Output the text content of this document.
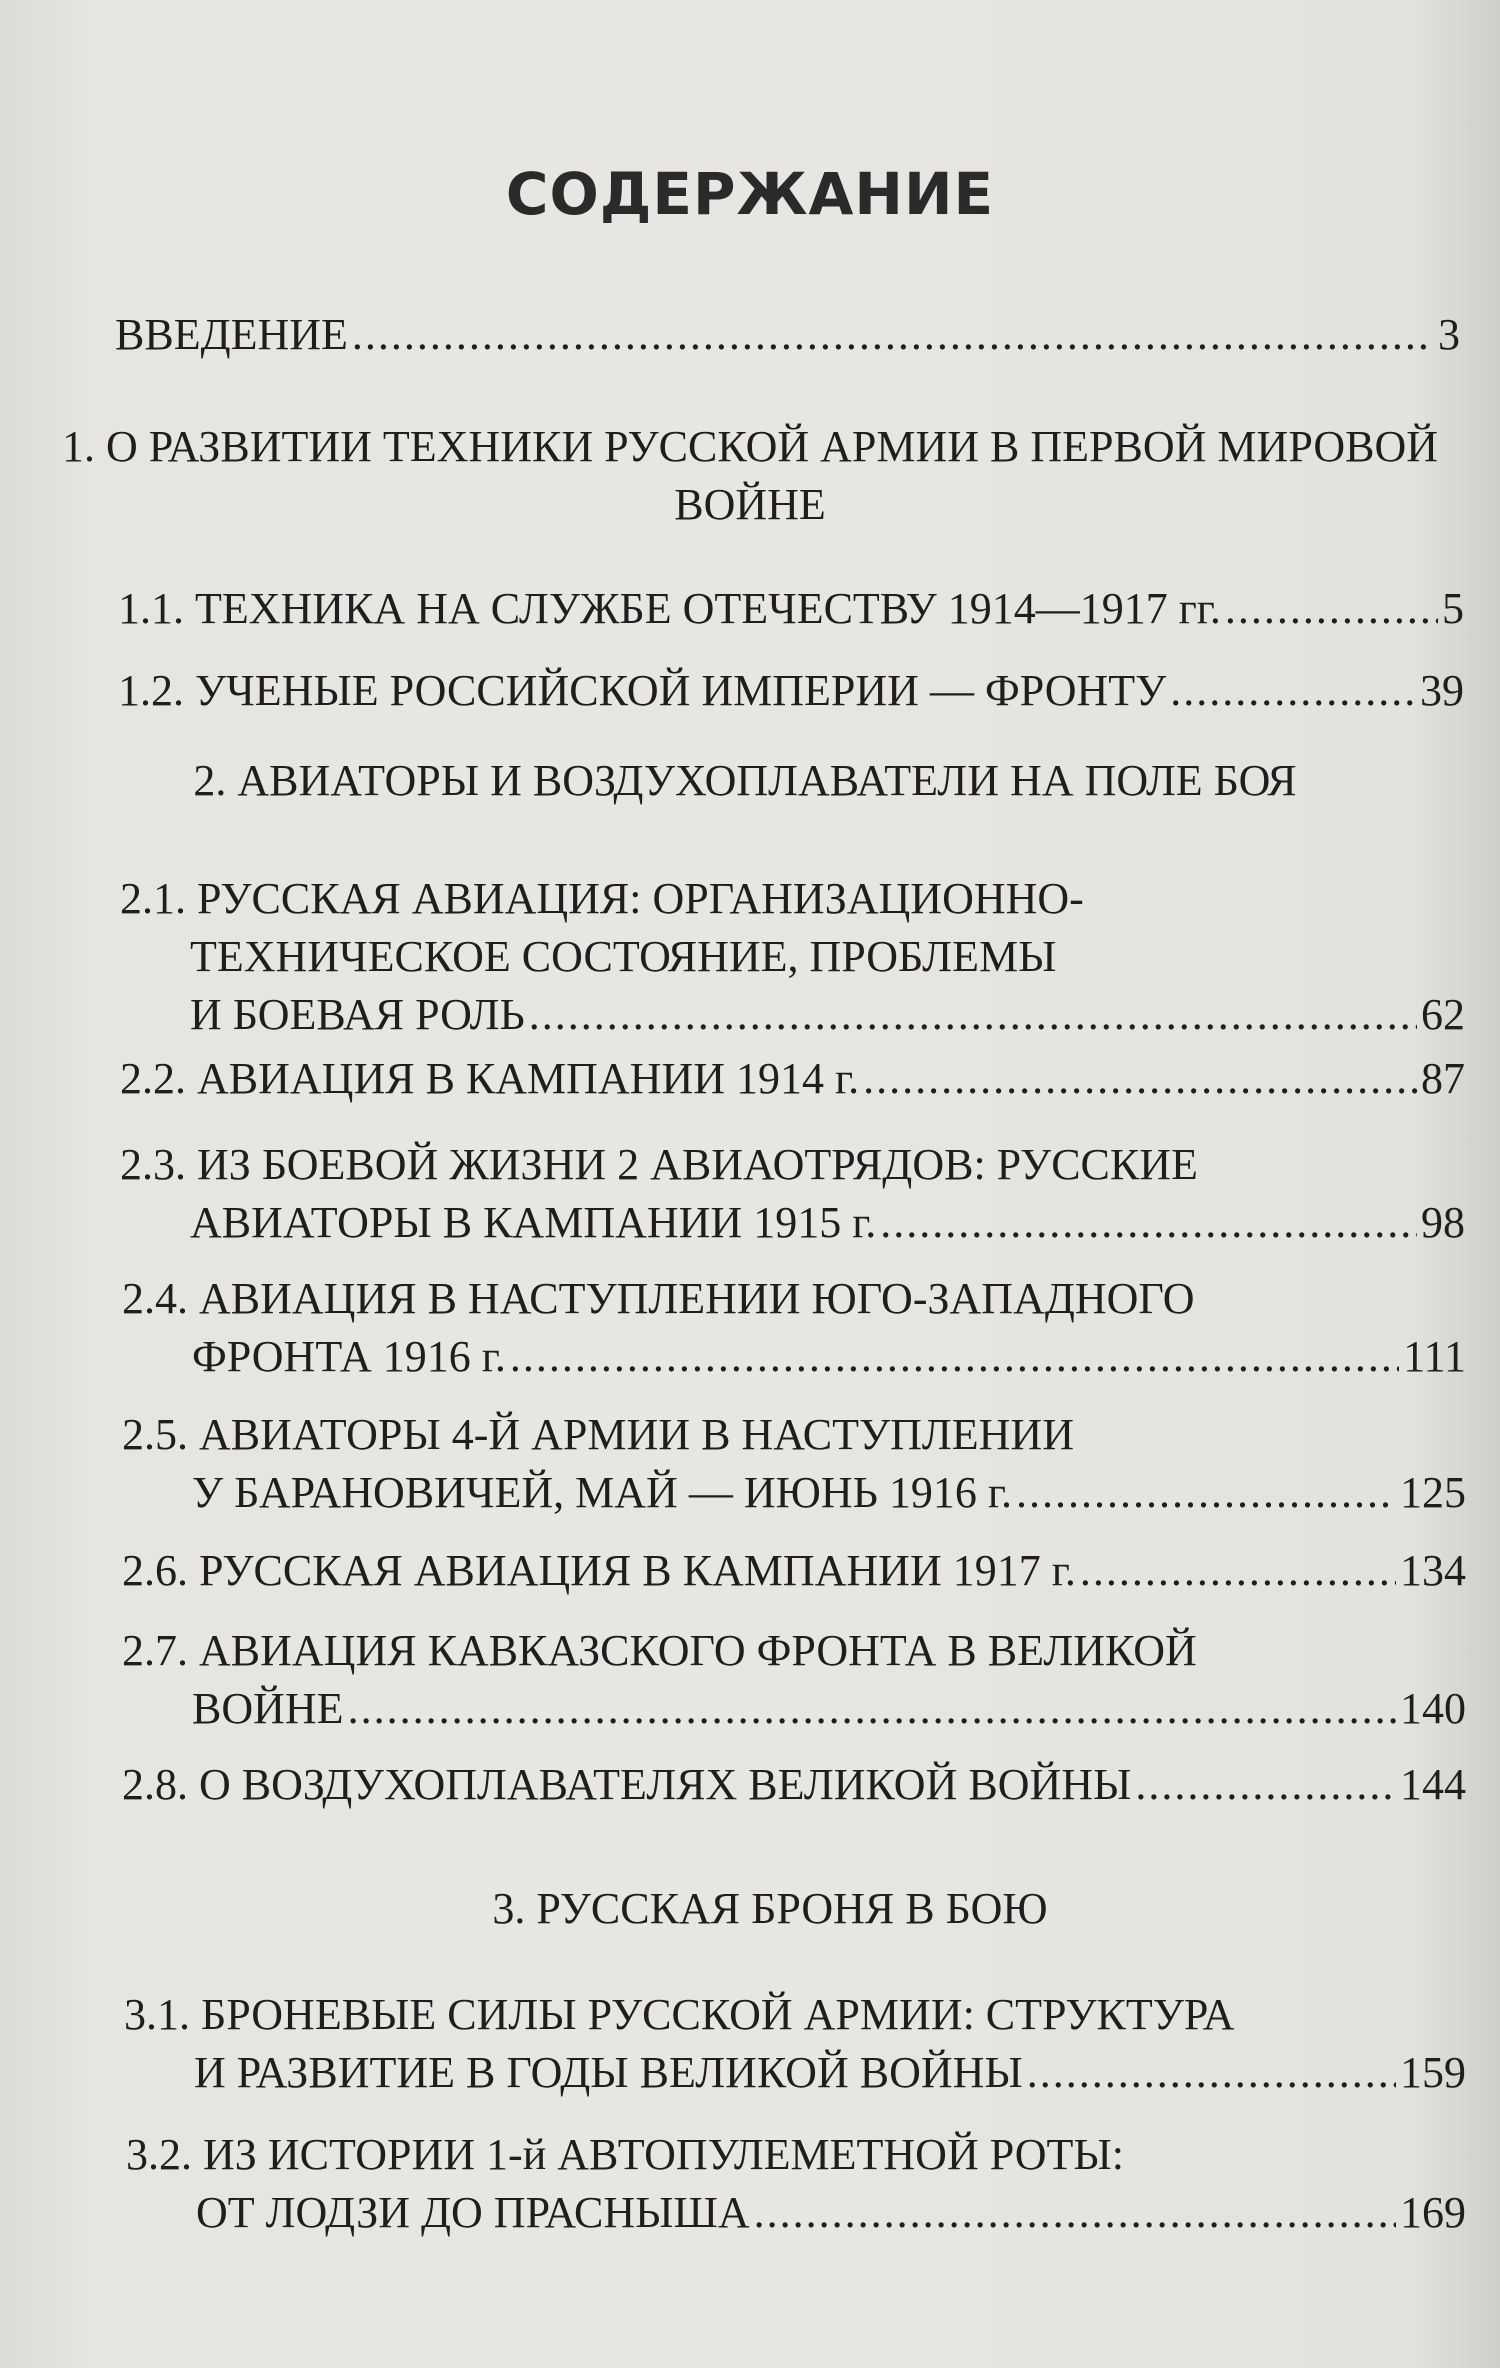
СОДЕРЖАНИЕ
ВВЕДЕНИЕ .....	3
1. О РАЗВИТИИ ТЕХНИКИ РУССКОЙ АРМИИ В ПЕРВОЙ МИРОВОЙ ВОЙНЕ
1.1. ТЕХНИКА НА СЛУЖБЕ ОТЕЧЕСТВУ 1914—1917 гг. .....	5
1.2. УЧЕНЫЕ РОССИЙСКОЙ ИМПЕРИИ — ФРОНТУ .....	39
2. АВИАТОРЫ И ВОЗДУХОПЛАВАТЕЛИ НА ПОЛЕ БОЯ
2.1. РУССКАЯ АВИАЦИЯ: ОРГАНИЗАЦИОННО-
ТЕХНИЧЕСКОЕ СОСТОЯНИЕ, ПРОБЛЕМЫ
И БОЕВАЯ РОЛЬ .....	62
2.2. АВИАЦИЯ В КАМПАНИИ 1914 г. .....	87
2.3. ИЗ БОЕВОЙ ЖИЗНИ 2 АВИАОТРЯДОВ: РУССКИЕ
АВИАТОРЫ В КАМПАНИИ 1915 г. .....	98
2.4. АВИАЦИЯ В НАСТУПЛЕНИИ ЮГО-ЗАПАДНОГО
ФРОНТА 1916 г. .....	111
2.5. АВИАТОРЫ 4-Й АРМИИ В НАСТУПЛЕНИИ
У БАРАНОВИЧЕЙ, МАЙ — ИЮНЬ 1916 г. .....	125
2.6. РУССКАЯ АВИАЦИЯ В КАМПАНИИ 1917 г. .....	134
2.7. АВИАЦИЯ КАВКАЗСКОГО ФРОНТА В ВЕЛИКОЙ
ВОЙНЕ .....	140
2.8. О ВОЗДУХОПЛАВАТЕЛЯХ ВЕЛИКОЙ ВОЙНЫ .....	144
3. РУССКАЯ БРОНЯ В БОЮ
3.1. БРОНЕВЫЕ СИЛЫ РУССКОЙ АРМИИ: СТРУКТУРА
И РАЗВИТИЕ В ГОДЫ ВЕЛИКОЙ ВОЙНЫ .....	159
3.2. ИЗ ИСТОРИИ 1-й АВТОПУЛЕМЕТНОЙ РОТЫ:
ОТ ЛОДЗИ ДО ПРАСНЫША .....	169
